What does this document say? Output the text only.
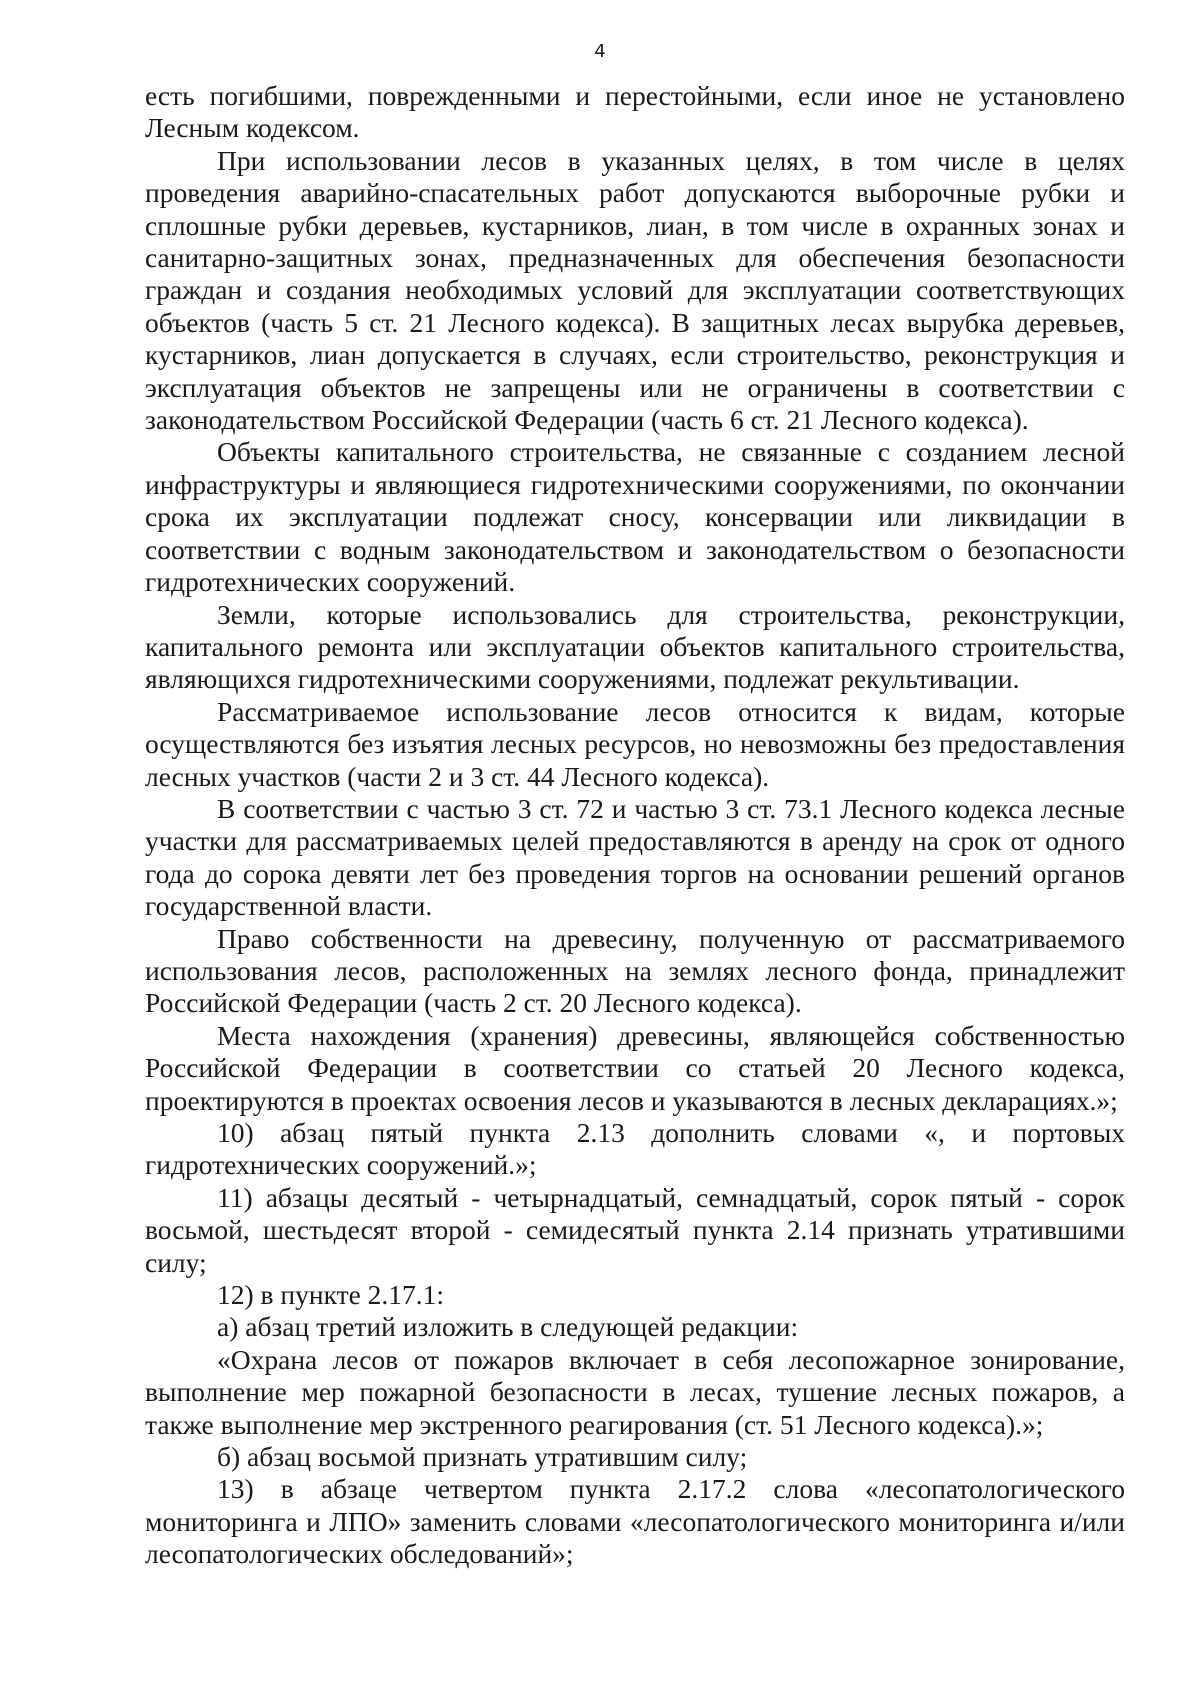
4

есть погибшими, поврежденными и перестойными, если иное не установлено Лесным кодексом.

При использовании лесов в указанных целях, в том числе в целях проведения аварийно-спасательных работ допускаются выборочные рубки и сплошные рубки деревьев, кустарников, лиан, в том числе в охранных зонах и санитарно-защитных зонах, предназначенных для обеспечения безопасности граждан и создания необходимых условий для эксплуатации соответствующих объектов (часть 5 ст. 21 Лесного кодекса). В защитных лесах вырубка деревьев, кустарников, лиан допускается в случаях, если строительство, реконструкция и эксплуатация объектов не запрещены или не ограничены в соответствии с законодательством Российской Федерации (часть 6 ст. 21 Лесного кодекса).

Объекты капитального строительства, не связанные с созданием лесной инфраструктуры и являющиеся гидротехническими сооружениями, по окончании срока их эксплуатации подлежат сносу, консервации или ликвидации в соответствии с водным законодательством и законодательством о безопасности гидротехнических сооружений.

Земли, которые использовались для строительства, реконструкции, капитального ремонта или эксплуатации объектов капитального строительства, являющихся гидротехническими сооружениями, подлежат рекультивации.

Рассматриваемое использование лесов относится к видам, которые осуществляются без изъятия лесных ресурсов, но невозможны без предоставления лесных участков (части 2 и 3 ст. 44 Лесного кодекса).

В соответствии с частью 3 ст. 72 и частью 3 ст. 73.1 Лесного кодекса лесные участки для рассматриваемых целей предоставляются в аренду на срок от одного года до сорока девяти лет без проведения торгов на основании решений органов государственной власти.

Право собственности на древесину, полученную от рассматриваемого использования лесов, расположенных на землях лесного фонда, принадлежит Российской Федерации (часть 2 ст. 20 Лесного кодекса).

Места нахождения (хранения) древесины, являющейся собственностью Российской Федерации в соответствии со статьей 20 Лесного кодекса, проектируются в проектах освоения лесов и указываются в лесных декларациях.»;

10) абзац пятый пункта 2.13 дополнить словами «, и портовых гидротехнических сооружений.»;

11) абзацы десятый - четырнадцатый, семнадцатый, сорок пятый - сорок восьмой, шестьдесят второй - семидесятый пункта 2.14 признать утратившими силу;

12) в пункте 2.17.1:

а) абзац третий изложить в следующей редакции:

«Охрана лесов от пожаров включает в себя лесопожарное зонирование, выполнение мер пожарной безопасности в лесах, тушение лесных пожаров, а также выполнение мер экстренного реагирования (ст. 51 Лесного кодекса).»;

б) абзац восьмой признать утратившим силу;

13) в абзаце четвертом пункта 2.17.2 слова «лесопатологического мониторинга и ЛПО» заменить словами «лесопатологического мониторинга и/или лесопатологических обследований»;
